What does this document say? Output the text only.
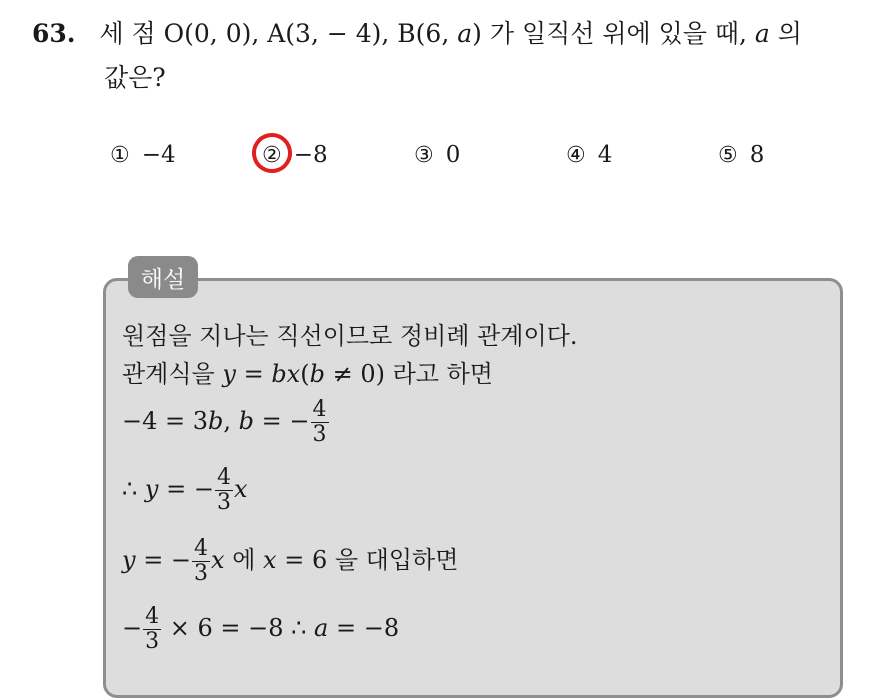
63. 세 점 O(0, 0), A(3, − 4), B(6, a) 가 일직선 위에 있을 때, a 의
값은?
① −4	② −8	③ 0	④ 4	⑤ 8
해설
원점을 지나는 직선이므로 정비례 관계이다.
관계식을 y = bx(b ≠ 0) 라고 하면
−4 = 3b, b = − $\frac{4}{3}$
∴ y = − $\frac{4}{3}$ x
y = − $\frac{4}{3}$ x 에 x = 6 을 대입하면
− $\frac{4}{3} \times 6 = -8$ ∴ a = −8
